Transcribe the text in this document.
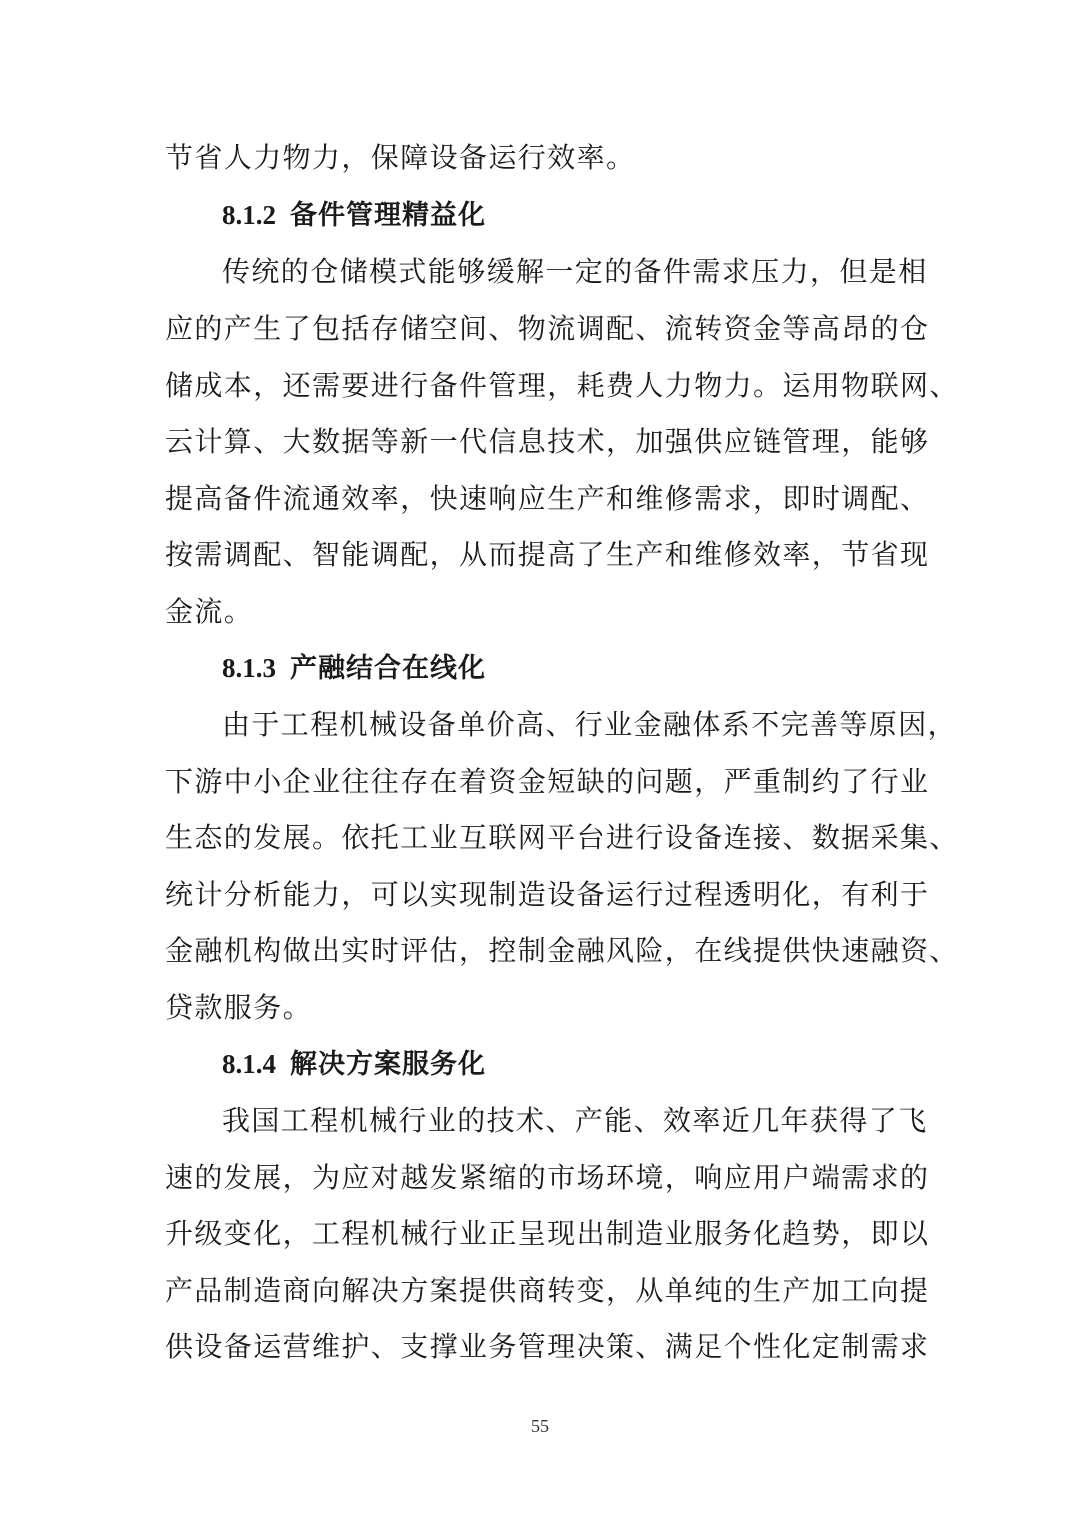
节省人力物力，保障设备运行效率。
8.1.2 备件管理精益化
传统的仓储模式能够缓解一定的备件需求压力，但是相
应的产生了包括存储空间、物流调配、流转资金等高昂的仓
储成本，还需要进行备件管理，耗费人力物力。运用物联网、
云计算、大数据等新一代信息技术，加强供应链管理，能够
提高备件流通效率，快速响应生产和维修需求，即时调配、
按需调配、智能调配，从而提高了生产和维修效率，节省现
金流。
8.1.3 产融结合在线化
由于工程机械设备单价高、行业金融体系不完善等原因，
下游中小企业往往存在着资金短缺的问题，严重制约了行业
生态的发展。依托工业互联网平台进行设备连接、数据采集、
统计分析能力，可以实现制造设备运行过程透明化，有利于
金融机构做出实时评估，控制金融风险，在线提供快速融资、
贷款服务。
8.1.4 解决方案服务化
我国工程机械行业的技术、产能、效率近几年获得了飞
速的发展，为应对越发紧缩的市场环境，响应用户端需求的
升级变化，工程机械行业正呈现出制造业服务化趋势，即以
产品制造商向解决方案提供商转变，从单纯的生产加工向提
供设备运营维护、支撑业务管理决策、满足个性化定制需求
55
